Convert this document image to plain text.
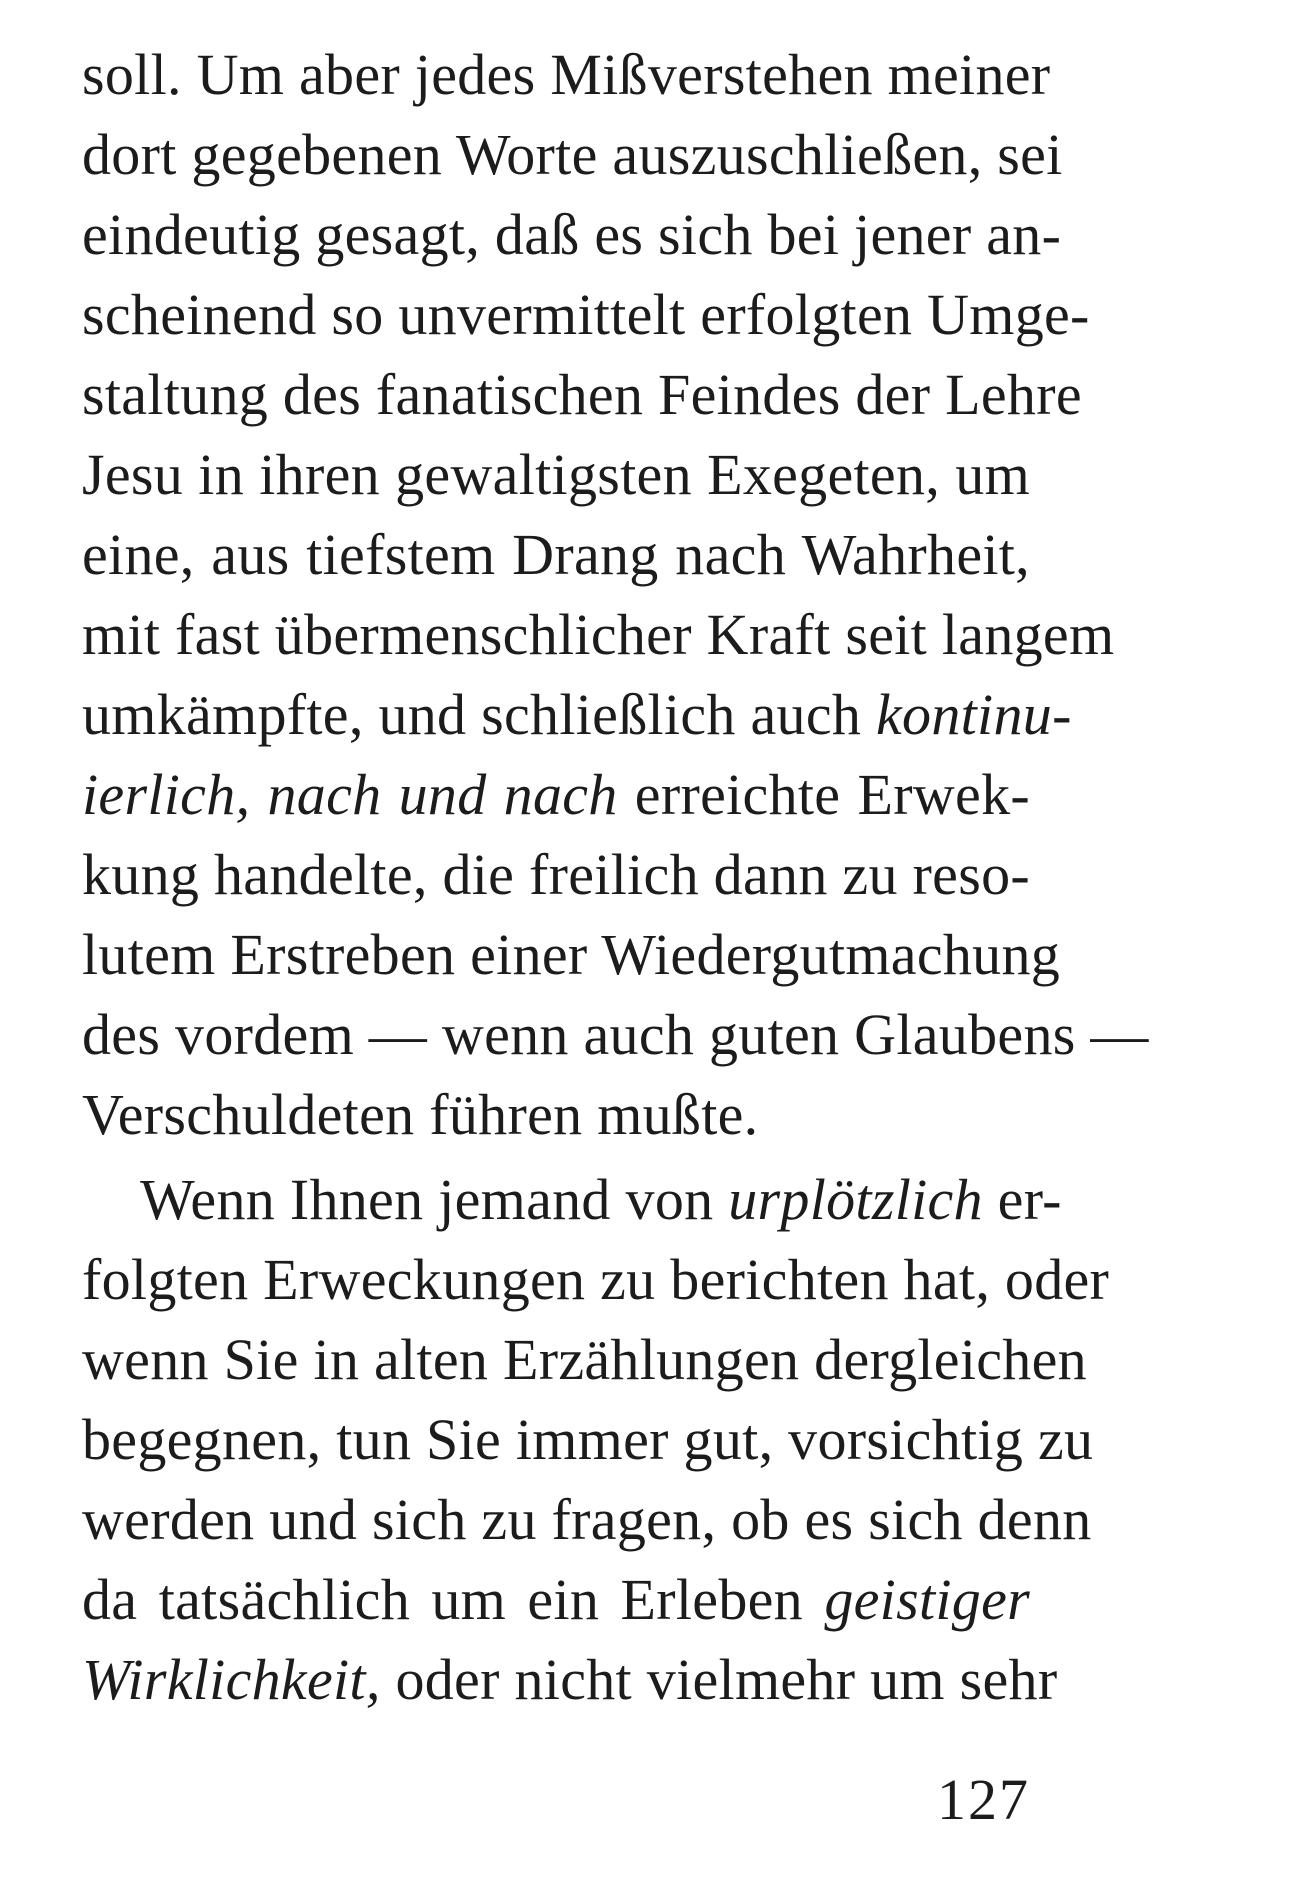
soll. Um aber jedes Mißverstehen meiner
dort gegebenen Worte auszuschließen, sei
eindeutig gesagt, daß es sich bei jener an-
scheinend so unvermittelt erfolgten Umge-
staltung des fanatischen Feindes der Lehre
Jesu in ihren gewaltigsten Exegeten, um
eine, aus tiefstem Drang nach Wahrheit,
mit fast übermenschlicher Kraft seit langem
umkämpfte, und schließlich auch kontinu-
ierlich, nach und nach erreichte Erwek-
kung handelte, die freilich dann zu reso-
lutem Erstreben einer Wiedergutmachung
des vordem — wenn auch guten Glaubens —
Verschuldeten führen mußte.
Wenn Ihnen jemand von urplötzlich er-
folgten Erweckungen zu berichten hat, oder
wenn Sie in alten Erzählungen dergleichen
begegnen, tun Sie immer gut, vorsichtig zu
werden und sich zu fragen, ob es sich denn
da tatsächlich um ein Erleben geistiger
Wirklichkeit, oder nicht vielmehr um sehr
127
